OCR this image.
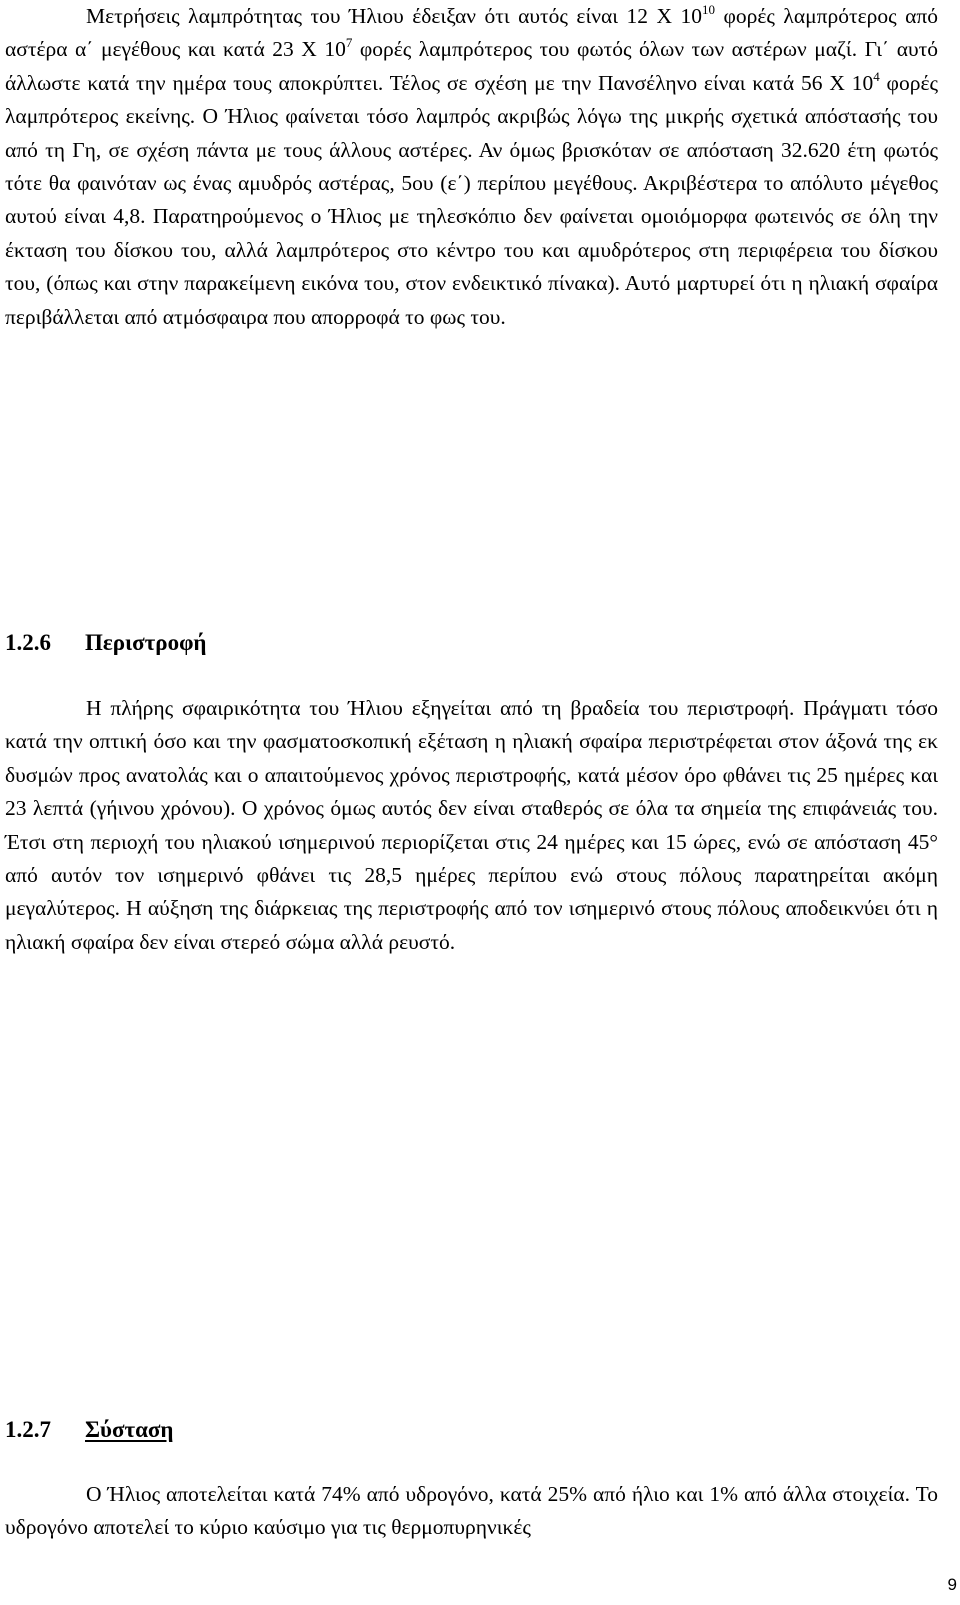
Μετρήσεις λαμπρότητας του Ήλιου έδειξαν ότι αυτός είναι 12 Χ $10^{10}$ φορές λαμπρότερος από αστέρα α΄ μεγέθους και κατά 23 Χ $10^7$ φορές λαμπρότερος του φωτός όλων των αστέρων μαζί. Γι΄ αυτό άλλωστε κατά την ημέρα τους αποκρύπτει. Τέλος σε σχέση με την Πανσέληνο είναι κατά 56 Χ $10^4$ φορές λαμπρότερος εκείνης. Ο Ήλιος φαίνεται τόσο λαμπρός ακριβώς λόγω της μικρής σχετικά απόστασής του από τη Γη, σε σχέση πάντα με τους άλλους αστέρες. Αν όμως βρισκόταν σε απόσταση 32.620 έτη φωτός τότε θα φαινόταν ως ένας αμυδρός αστέρας, 5ου (ε΄) περίπου μεγέθους. Ακριβέστερα το απόλυτο μέγεθος αυτού είναι 4,8. Παρατηρούμενος ο Ήλιος με τηλεσκόπιο δεν φαίνεται ομοιόμορφα φωτεινός σε όλη την έκταση του δίσκου του, αλλά λαμπρότερος στο κέντρο του και αμυδρότερος στη περιφέρεια του δίσκου του, (όπως και στην παρακείμενη εικόνα του, στον ενδεικτικό πίνακα). Αυτό μαρτυρεί ότι η ηλιακή σφαίρα περιβάλλεται από ατμόσφαιρα που απορροφά το φως του.

1.2.6 Περιστροφή

Η πλήρης σφαιρικότητα του Ήλιου εξηγείται από τη βραδεία του περιστροφή. Πράγματι τόσο κατά την οπτική όσο και την φασματοσκοπική εξέταση η ηλιακή σφαίρα περιστρέφεται στον άξονά της εκ δυσμών προς ανατολάς και ο απαιτούμενος χρόνος περιστροφής, κατά μέσον όρο φθάνει τις 25 ημέρες και 23 λεπτά (γήινου χρόνου). Ο χρόνος όμως αυτός δεν είναι σταθερός σε όλα τα σημεία της επιφάνειάς του. Έτσι στη περιοχή του ηλιακού ισημερινού περιορίζεται στις 24 ημέρες και 15 ώρες, ενώ σε απόσταση 45° από αυτόν τον ισημερινό φθάνει τις 28,5 ημέρες περίπου ενώ στους πόλους παρατηρείται ακόμη μεγαλύτερος. Η αύξηση της διάρκειας της περιστροφής από τον ισημερινό στους πόλους αποδεικνύει ότι η ηλιακή σφαίρα δεν είναι στερεό σώμα αλλά ρευστό.

1.2.7 Σύσταση

Ο Ήλιος αποτελείται κατά 74% από υδρογόνο, κατά 25% από ήλιο και 1% από άλλα στοιχεία. Το υδρογόνο αποτελεί το κύριο καύσιμο για τις θερμοπυρηνικές

9
